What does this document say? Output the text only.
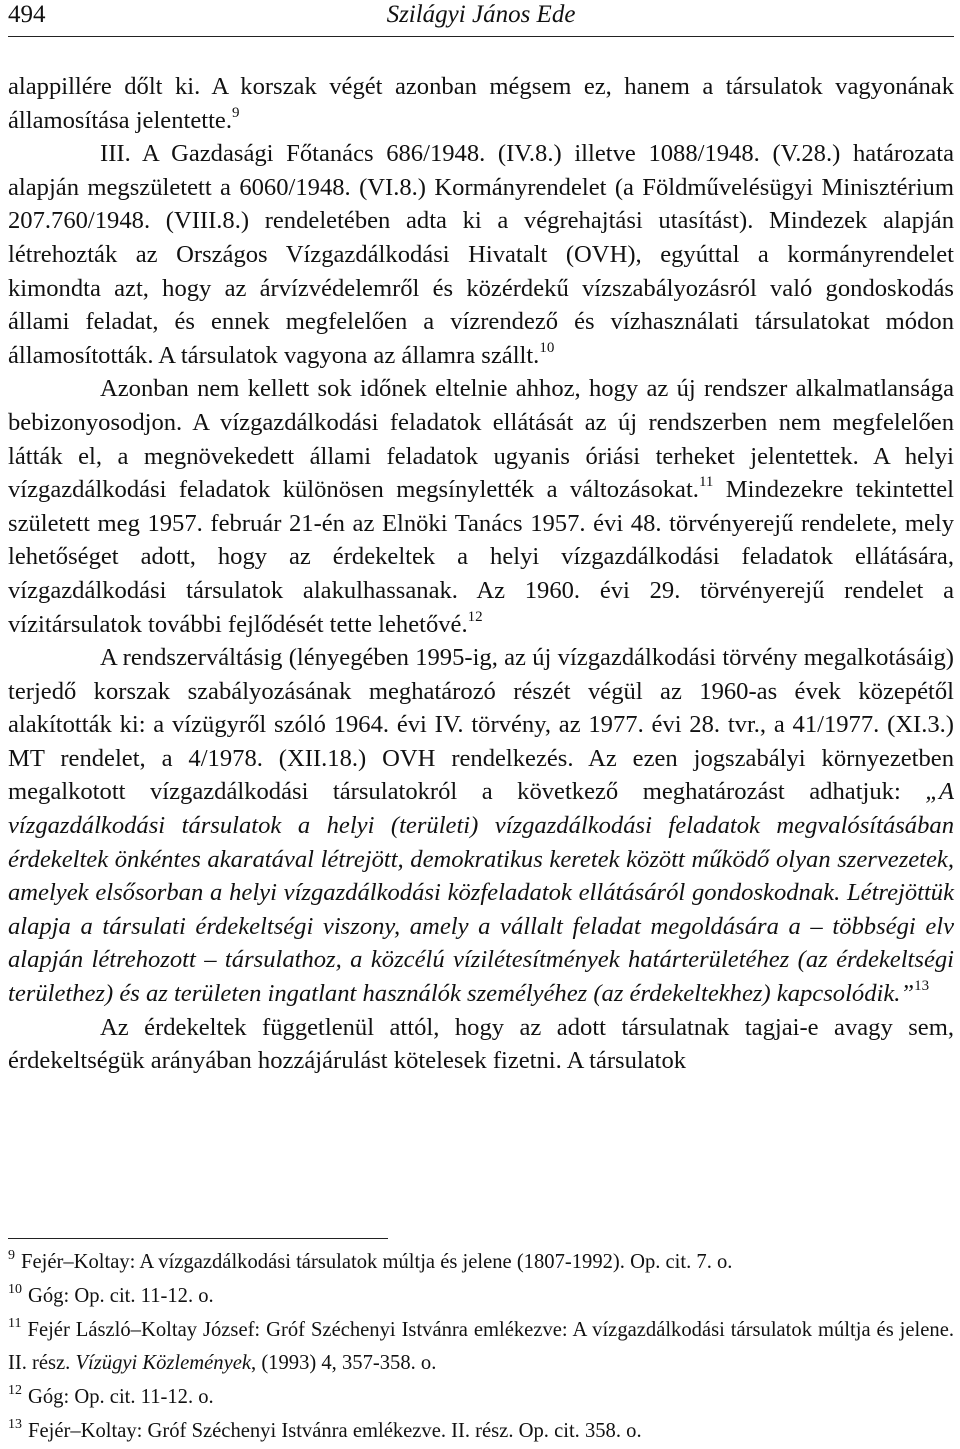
494	Szilágyi János Ede

alappillére dőlt ki. A korszak végét azonban mégsem ez, hanem a társulatok vagyonának államosítása jelentette.$^9$

III. A Gazdasági Főtanács 686/1948. (IV.8.) illetve 1088/1948. (V.28.) határozata alapján megszületett a 6060/1948. (VI.8.) Kormányrendelet (a Földművelésügyi Minisztérium 207.760/1948. (VIII.8.) rendeletében adta ki a végrehajtási utasítást). Mindezek alapján létrehozták az Országos Vízgazdálkodási Hivatalt (OVH), egyúttal a kormányrendelet kimondta azt, hogy az árvízvédelemről és közérdekű vízszabályozásról való gondoskodás állami feladat, és ennek megfelelően a vízrendező és vízhasználati társulatokat módon államosították. A társulatok vagyona az államra szállt.$^{10}$

Azonban nem kellett sok időnek eltelnie ahhoz, hogy az új rendszer alkalmatlansága bebizonyosodjon. A vízgazdálkodási feladatok ellátását az új rendszerben nem megfelelően látták el, a megnövekedett állami feladatok ugyanis óriási terheket jelentettek. A helyi vízgazdálkodási feladatok különösen megsínylették a változásokat.$^{11}$ Mindezekre tekintettel született meg 1957. február 21-én az Elnöki Tanács 1957. évi 48. törvényerejű rendelete, mely lehetőséget adott, hogy az érdekeltek a helyi vízgazdálkodási feladatok ellátására, vízgazdálkodási társulatok alakulhassanak. Az 1960. évi 29. törvényerejű rendelet a vízitársulatok további fejlődését tette lehetővé.$^{12}$

A rendszerváltásig (lényegében 1995-ig, az új vízgazdálkodási törvény megalkotásáig) terjedő korszak szabályozásának meghatározó részét végül az 1960-as évek közepétől alakították ki: a vízügyről szóló 1964. évi IV. törvény, az 1977. évi 28. tvr., a 41/1977. (XI.3.) MT rendelet, a 4/1978. (XII.18.) OVH rendelkezés. Az ezen jogszabályi környezetben megalkotott vízgazdálkodási társulatokról a következő meghatározást adhatjuk: „A vízgazdálkodási társulatok a helyi (területi) vízgazdálkodási feladatok megvalósításában érdekeltek önkéntes akaratával létrejött, demokratikus keretek között működő olyan szervezetek, amelyek elsősorban a helyi vízgazdálkodási közfeladatok ellátásáról gondoskodnak. Létrejöttük alapja a társulati érdekeltségi viszony, amely a vállalt feladat megoldására a – többségi elv alapján létrehozott – társulathoz, a közcélú vízilétesítmények határterületéhez (az érdekeltségi területhez) és az területen ingatlant használók személyéhez (az érdekeltekhez) kapcsolódik.”$^{13}$

Az érdekeltek függetlenül attól, hogy az adott társulatnak tagjai-e avagy sem, érdekeltségük arányában hozzájárulást kötelesek fizetni. A társulatok

$^9$ Fejér–Koltay: A vízgazdálkodási társulatok múltja és jelene (1807-1992). Op. cit. 7. o.

$^{10}$ Góg: Op. cit. 11-12. o.

$^{11}$ Fejér László–Koltay József: Gróf Széchenyi Istvánra emlékezve: A vízgazdálkodási társulatok múltja és jelene. II. rész. Vízügyi Közlemények, (1993) 4, 357-358. o.

$^{12}$ Góg: Op. cit. 11-12. o.

$^{13}$ Fejér–Koltay: Gróf Széchenyi Istvánra emlékezve. II. rész. Op. cit. 358. o.
